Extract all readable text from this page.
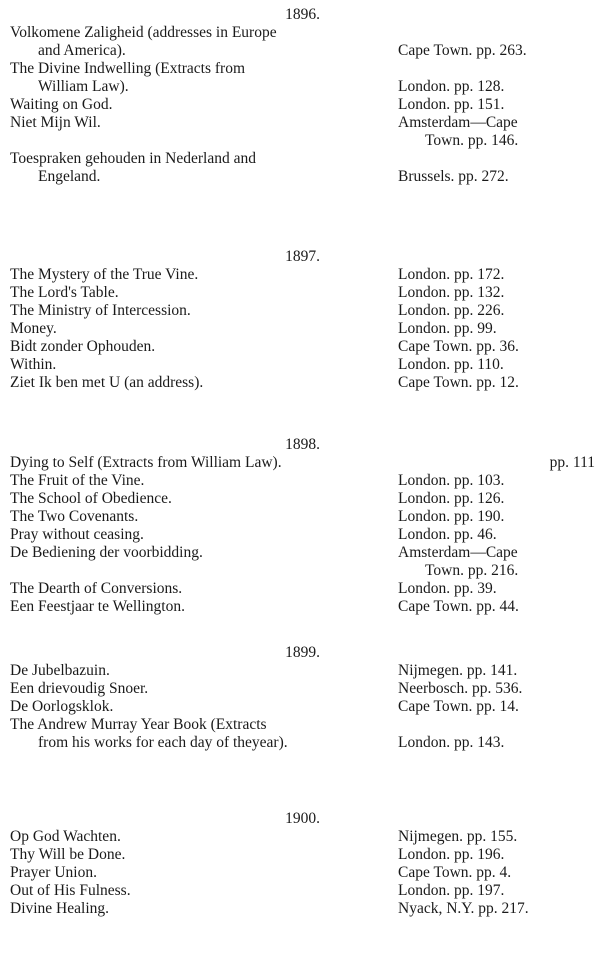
1896.
Volkomene Zaligheid (addresses in Europe
and America).	Cape Town. pp. 263.
The Divine Indwelling (Extracts from
William Law).	London. pp. 128.
Waiting on God.	London. pp. 151.
Niet Mijn Wil.	Amsterdam—Cape
Town. pp. 146.
Toespraken gehouden in Nederland and
Engeland.	Brussels. pp. 272.
1897.
The Mystery of the True Vine.	London. pp. 172.
The Lord's Table.	London. pp. 132.
The Ministry of Intercession.	London. pp. 226.
Money.	London. pp. 99.
Bidt zonder Ophouden.	Cape Town. pp. 36.
Within.	London. pp. 110.
Ziet Ik ben met U (an address).	Cape Town. pp. 12.
1898.
Dying to Self (Extracts from William Law).	pp. 111
The Fruit of the Vine.	London. pp. 103.
The School of Obedience.	London. pp. 126.
The Two Covenants.	London. pp. 190.
Pray without ceasing.	London. pp. 46.
De Bediening der voorbidding.	Amsterdam—Cape
Town. pp. 216.
The Dearth of Conversions.	London. pp. 39.
Een Feestjaar te Wellington.	Cape Town. pp. 44.
1899.
De Jubelbazuin.	Nijmegen. pp. 141.
Een drievoudig Snoer.	Neerbosch. pp. 536.
De Oorlogsklok.	Cape Town. pp. 14.
The Andrew Murray Year Book (Extracts
from his works for each day of theyear).	London. pp. 143.
1900.
Op God Wachten.	Nijmegen. pp. 155.
Thy Will be Done.	London. pp. 196.
Prayer Union.	Cape Town. pp. 4.
Out of His Fulness.	London. pp. 197.
Divine Healing.	Nyack, N.Y. pp. 217.
